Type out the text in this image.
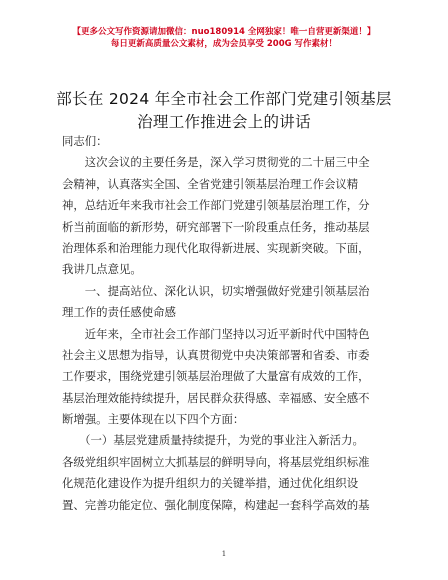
【更多公文写作资源请加微信：nuo180914 全网独家！唯一自营更新渠道！】
每日更新高质量公文素材，成为会员享受 200G 写作素材！
部长在 2024 年全市社会工作部门党建引领基层
治理工作推进会上的讲话
同志们：
　　这次会议的主要任务是，深入学习贯彻党的二十届三中全
会精神，认真落实全国、全省党建引领基层治理工作会议精
神，总结近年来我市社会工作部门党建引领基层治理工作，分
析当前面临的新形势，研究部署下一阶段重点任务，推动基层
治理体系和治理能力现代化取得新进展、实现新突破。下面，
我讲几点意见。
　　一、提高站位、深化认识，切实增强做好党建引领基层治
理工作的责任感使命感
　　近年来，全市社会工作部门坚持以习近平新时代中国特色
社会主义思想为指导，认真贯彻党中央决策部署和省委、市委
工作要求，围绕党建引领基层治理做了大量富有成效的工作，
基层治理效能持续提升，居民群众获得感、幸福感、安全感不
断增强。主要体现在以下四个方面：
　　（一）基层党建质量持续提升，为党的事业注入新活力。
各级党组织牢固树立大抓基层的鲜明导向，将基层党组织标准
化规范化建设作为提升组织力的关键举措，通过优化组织设
置、完善功能定位、强化制度保障，构建起一套科学高效的基
1
